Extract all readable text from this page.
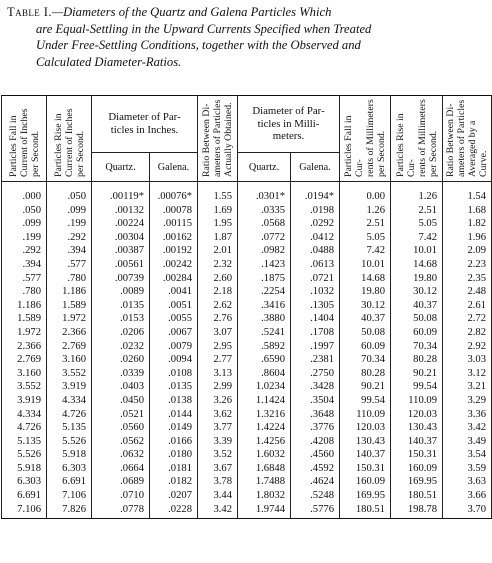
Table I.—Diameters of the Quartz and Galena Particles Which
are Equal-Settling in the Upward Currents Specified when Treated
Under Free-Settling Conditions, together with the Observed and
Calculated Diameter-Ratios.
Particles Fall in
Current of Inches
per Second.	Particles Rise in
Current of Inches
per Second.	Diameter of Par-
ticles in Inches.		Ratio Between Di-
ameters of Particles
Actually Obtained.	Diameter of Par-
ticles in Milli-
meters.		Particles Fall in Cur-
rents of Millimeters
per Second.	Particles Rise in Cur-
rents of Millimeters
per Second.	Ratio Between Di-
ameters of Particles
Averaged by a Curve.

		Quartz.	Galena.		Quartz.	Galena.			
.000	.050	.00119*	.00076*	1.55	.0301*	.0194*	0.00	1.26	1.54
.050	.099	.00132	.00078	1.69	.0335	.0198	1.26	2.51	1.68
.099	.199	.00224	.00115	1.95	.0568	.0292	2.51	5.05	1.82
.199	.292	.00304	.00162	1.87	.0772	.0412	5.05	7.42	1.96
.292	.394	.00387	.00192	2.01	.0982	.0488	7.42	10.01	2.09
.394	.577	.00561	.00242	2.32	.1423	.0613	10.01	14.68	2.23
.577	.780	.00739	.00284	2.60	.1875	.0721	14.68	19.80	2.35
.780	1.186	.0089	.0041	2.18	.2254	.1032	19.80	30.12	2.48
1.186	1.589	.0135	.0051	2.62	.3416	.1305	30.12	40.37	2.61
1.589	1.972	.0153	.0055	2.76	.3880	.1404	40.37	50.08	2.72
1.972	2.366	.0206	.0067	3.07	.5241	.1708	50.08	60.09	2.82
2.366	2.769	.0232	.0079	2.95	.5892	.1997	60.09	70.34	2.92
2.769	3.160	.0260	.0094	2.77	.6590	.2381	70.34	80.28	3.03
3.160	3.552	.0339	.0108	3.13	.8604	.2750	80.28	90.21	3.12
3.552	3.919	.0403	.0135	2.99	1.0234	.3428	90.21	99.54	3.21
3.919	4.334	.0450	.0138	3.26	1.1424	.3504	99.54	110.09	3.29
4.334	4.726	.0521	.0144	3.62	1.3216	.3648	110.09	120.03	3.36
4.726	5.135	.0560	.0149	3.77	1.4224	.3776	120.03	130.43	3.42
5.135	5.526	.0562	.0166	3.39	1.4256	.4208	130.43	140.37	3.49
5.526	5.918	.0632	.0180	3.52	1.6032	.4560	140.37	150.31	3.54
5.918	6.303	.0664	.0181	3.67	1.6848	.4592	150.31	160.09	3.59
6.303	6.691	.0689	.0182	3.78	1.7488	.4624	160.09	169.95	3.63
6.691	7.106	.0710	.0207	3.44	1.8032	.5248	169.95	180.51	3.66
7.106	7.826	.0778	.0228	3.42	1.9744	.5776	180.51	198.78	3.70
